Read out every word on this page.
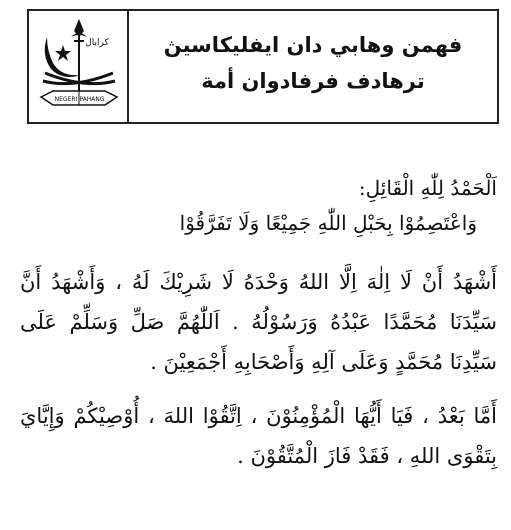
ﻛﺮﺍﺑﺎﻝ
NEGERI PAHANG

فهمن وهابي دان ايفليكاسيڽ

ترهادف فرفادوان أمة

اَلْحَمْدُ لِلّٰهِ الْقَائِلِ:

وَاعْتَصِمُوْا بِحَبْلِ اللّٰهِ جَمِيْعًا وَلَا تَفَرَّقُوْا

أَشْهَدُ أَنْ لَا اِلٰهَ اِلَّا اللهُ وَحْدَهُ لَا شَرِيْكَ لَهُ ، وَأَشْهَدُ أَنَّ سَيِّدَنَا مُحَمَّدًا عَبْدُهُ وَرَسُوْلُهُ . اَللّٰهُمَّ صَلِّ وَسَلِّمْ عَلَى سَيِّدِنَا مُحَمَّدٍ وَعَلَى آلِهِ وَأَصْحَابِهِ أَجْمَعِيْنَ .

أَمَّا بَعْدُ ، فَيَا أَيُّهَا الْمُؤْمِنُوْنَ ، اِتَّقُوْا اللهَ ، أُوْصِيْكُمْ وَإِيَّايَ بِتَقْوَى اللهِ ، فَقَدْ فَازَ الْمُتَّقُوْنَ .
